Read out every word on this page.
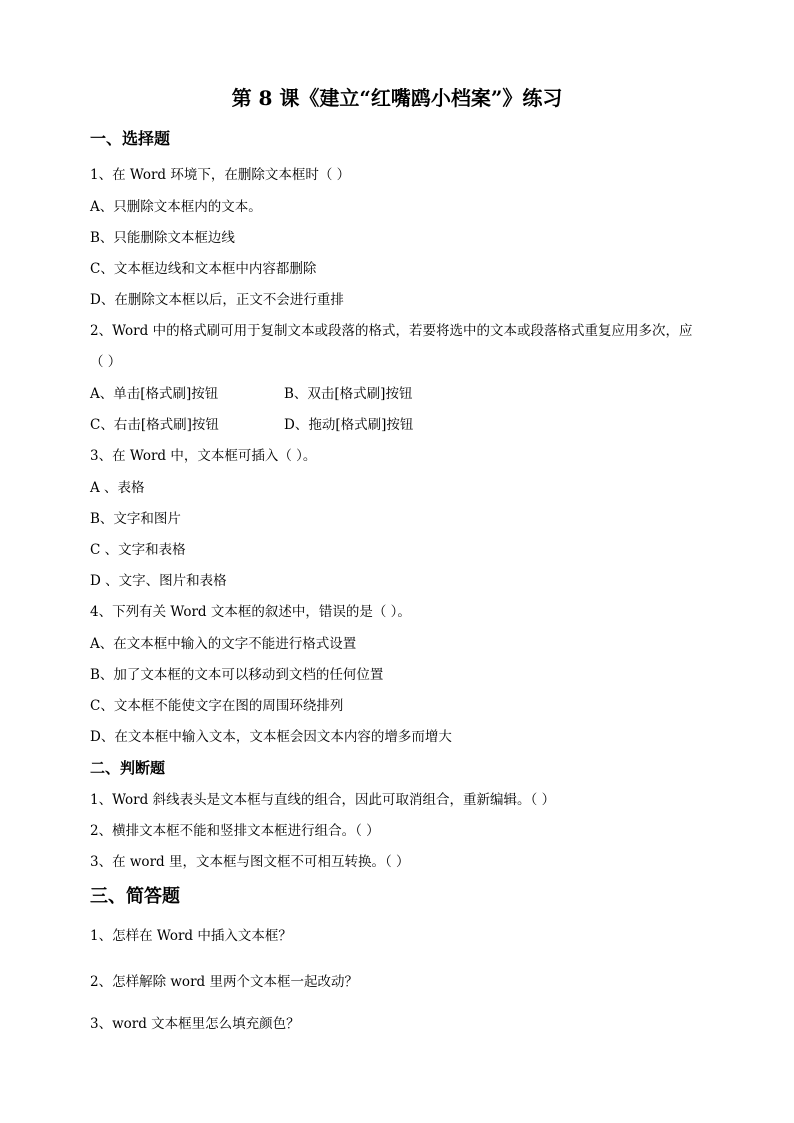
第 8 课《建立“红嘴鸥小档案”》练习
一、选择题
1、在 Word 环境下，在删除文本框时（ ）
A、只删除文本框内的文本。
B、只能删除文本框边线
C、文本框边线和文本框中内容都删除
D、在删除文本框以后，正文不会进行重排
2、Word 中的格式刷可用于复制文本或段落的格式，若要将选中的文本或段落格式重复应用多次，应
（ ）
A、单击[格式刷]按钮	B、双击[格式刷]按钮
C、右击[格式刷]按钮	D、拖动[格式刷]按钮
3、在 Word 中，文本框可插入（ ）。
A 、表格
B、文字和图片
C 、文字和表格
D 、文字、图片和表格
4、下列有关 Word 文本框的叙述中，错误的是（ ）。
A、在文本框中输入的文字不能进行格式设置
B、加了文本框的文本可以移动到文档的任何位置
C、文本框不能使文字在图的周围环绕排列
D、在文本框中输入文本，文本框会因文本内容的增多而增大
二、判断题
1、Word 斜线表头是文本框与直线的组合，因此可取消组合，重新编辑。（ ）
2、横排文本框不能和竖排文本框进行组合。（ ）
3、在 word 里，文本框与图文框不可相互转换。（ ）
三、简答题
1、怎样在 Word 中插入文本框？
2、怎样解除 word 里两个文本框一起改动？
3、word 文本框里怎么填充颜色？
